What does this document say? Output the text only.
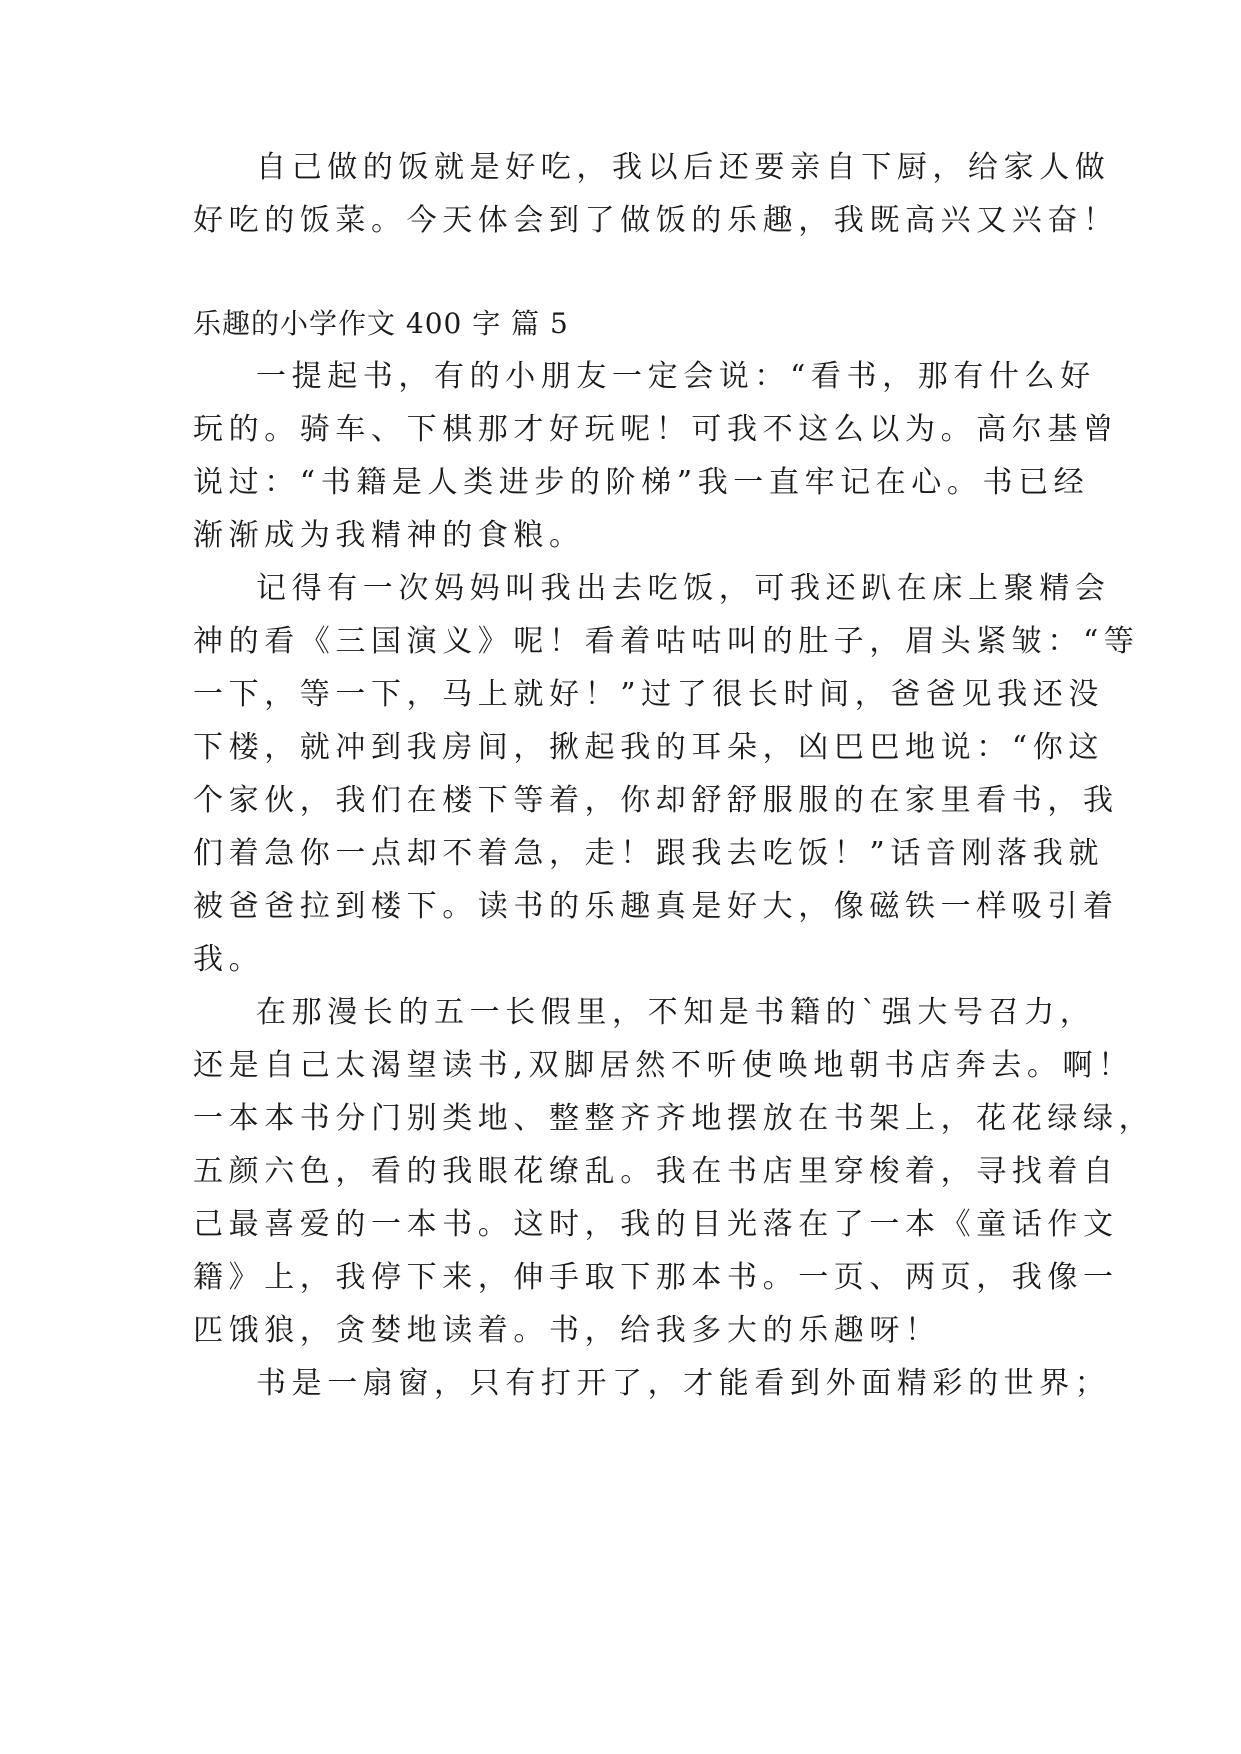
自己做的饭就是好吃，我以后还要亲自下厨，给家人做
好吃的饭菜。今天体会到了做饭的乐趣，我既高兴又兴奋！
乐趣的小学作文 400 字 篇 5
一提起书，有的小朋友一定会说：“看书，那有什么好
玩的。骑车、下棋那才好玩呢！可我不这么以为。高尔基曾
说过：“书籍是人类进步的阶梯”我一直牢记在心。书已经
渐渐成为我精神的食粮。
记得有一次妈妈叫我出去吃饭，可我还趴在床上聚精会
神的看《三国演义》呢！看着咕咕叫的肚子，眉头紧皱：“等
一下，等一下，马上就好！”过了很长时间，爸爸见我还没
下楼，就冲到我房间，揪起我的耳朵，凶巴巴地说：“你这
个家伙，我们在楼下等着，你却舒舒服服的在家里看书，我
们着急你一点却不着急，走！跟我去吃饭！”话音刚落我就
被爸爸拉到楼下。读书的乐趣真是好大，像磁铁一样吸引着
我。
在那漫长的五一长假里，不知是书籍的`强大号召力，
还是自己太渴望读书,双脚居然不听使唤地朝书店奔去。啊！
一本本书分门别类地、整整齐齐地摆放在书架上，花花绿绿，
五颜六色，看的我眼花缭乱。我在书店里穿梭着，寻找着自
己最喜爱的一本书。这时，我的目光落在了一本《童话作文
籍》上，我停下来，伸手取下那本书。一页、两页，我像一
匹饿狼，贪婪地读着。书，给我多大的乐趣呀！
书是一扇窗，只有打开了，才能看到外面精彩的世界；
